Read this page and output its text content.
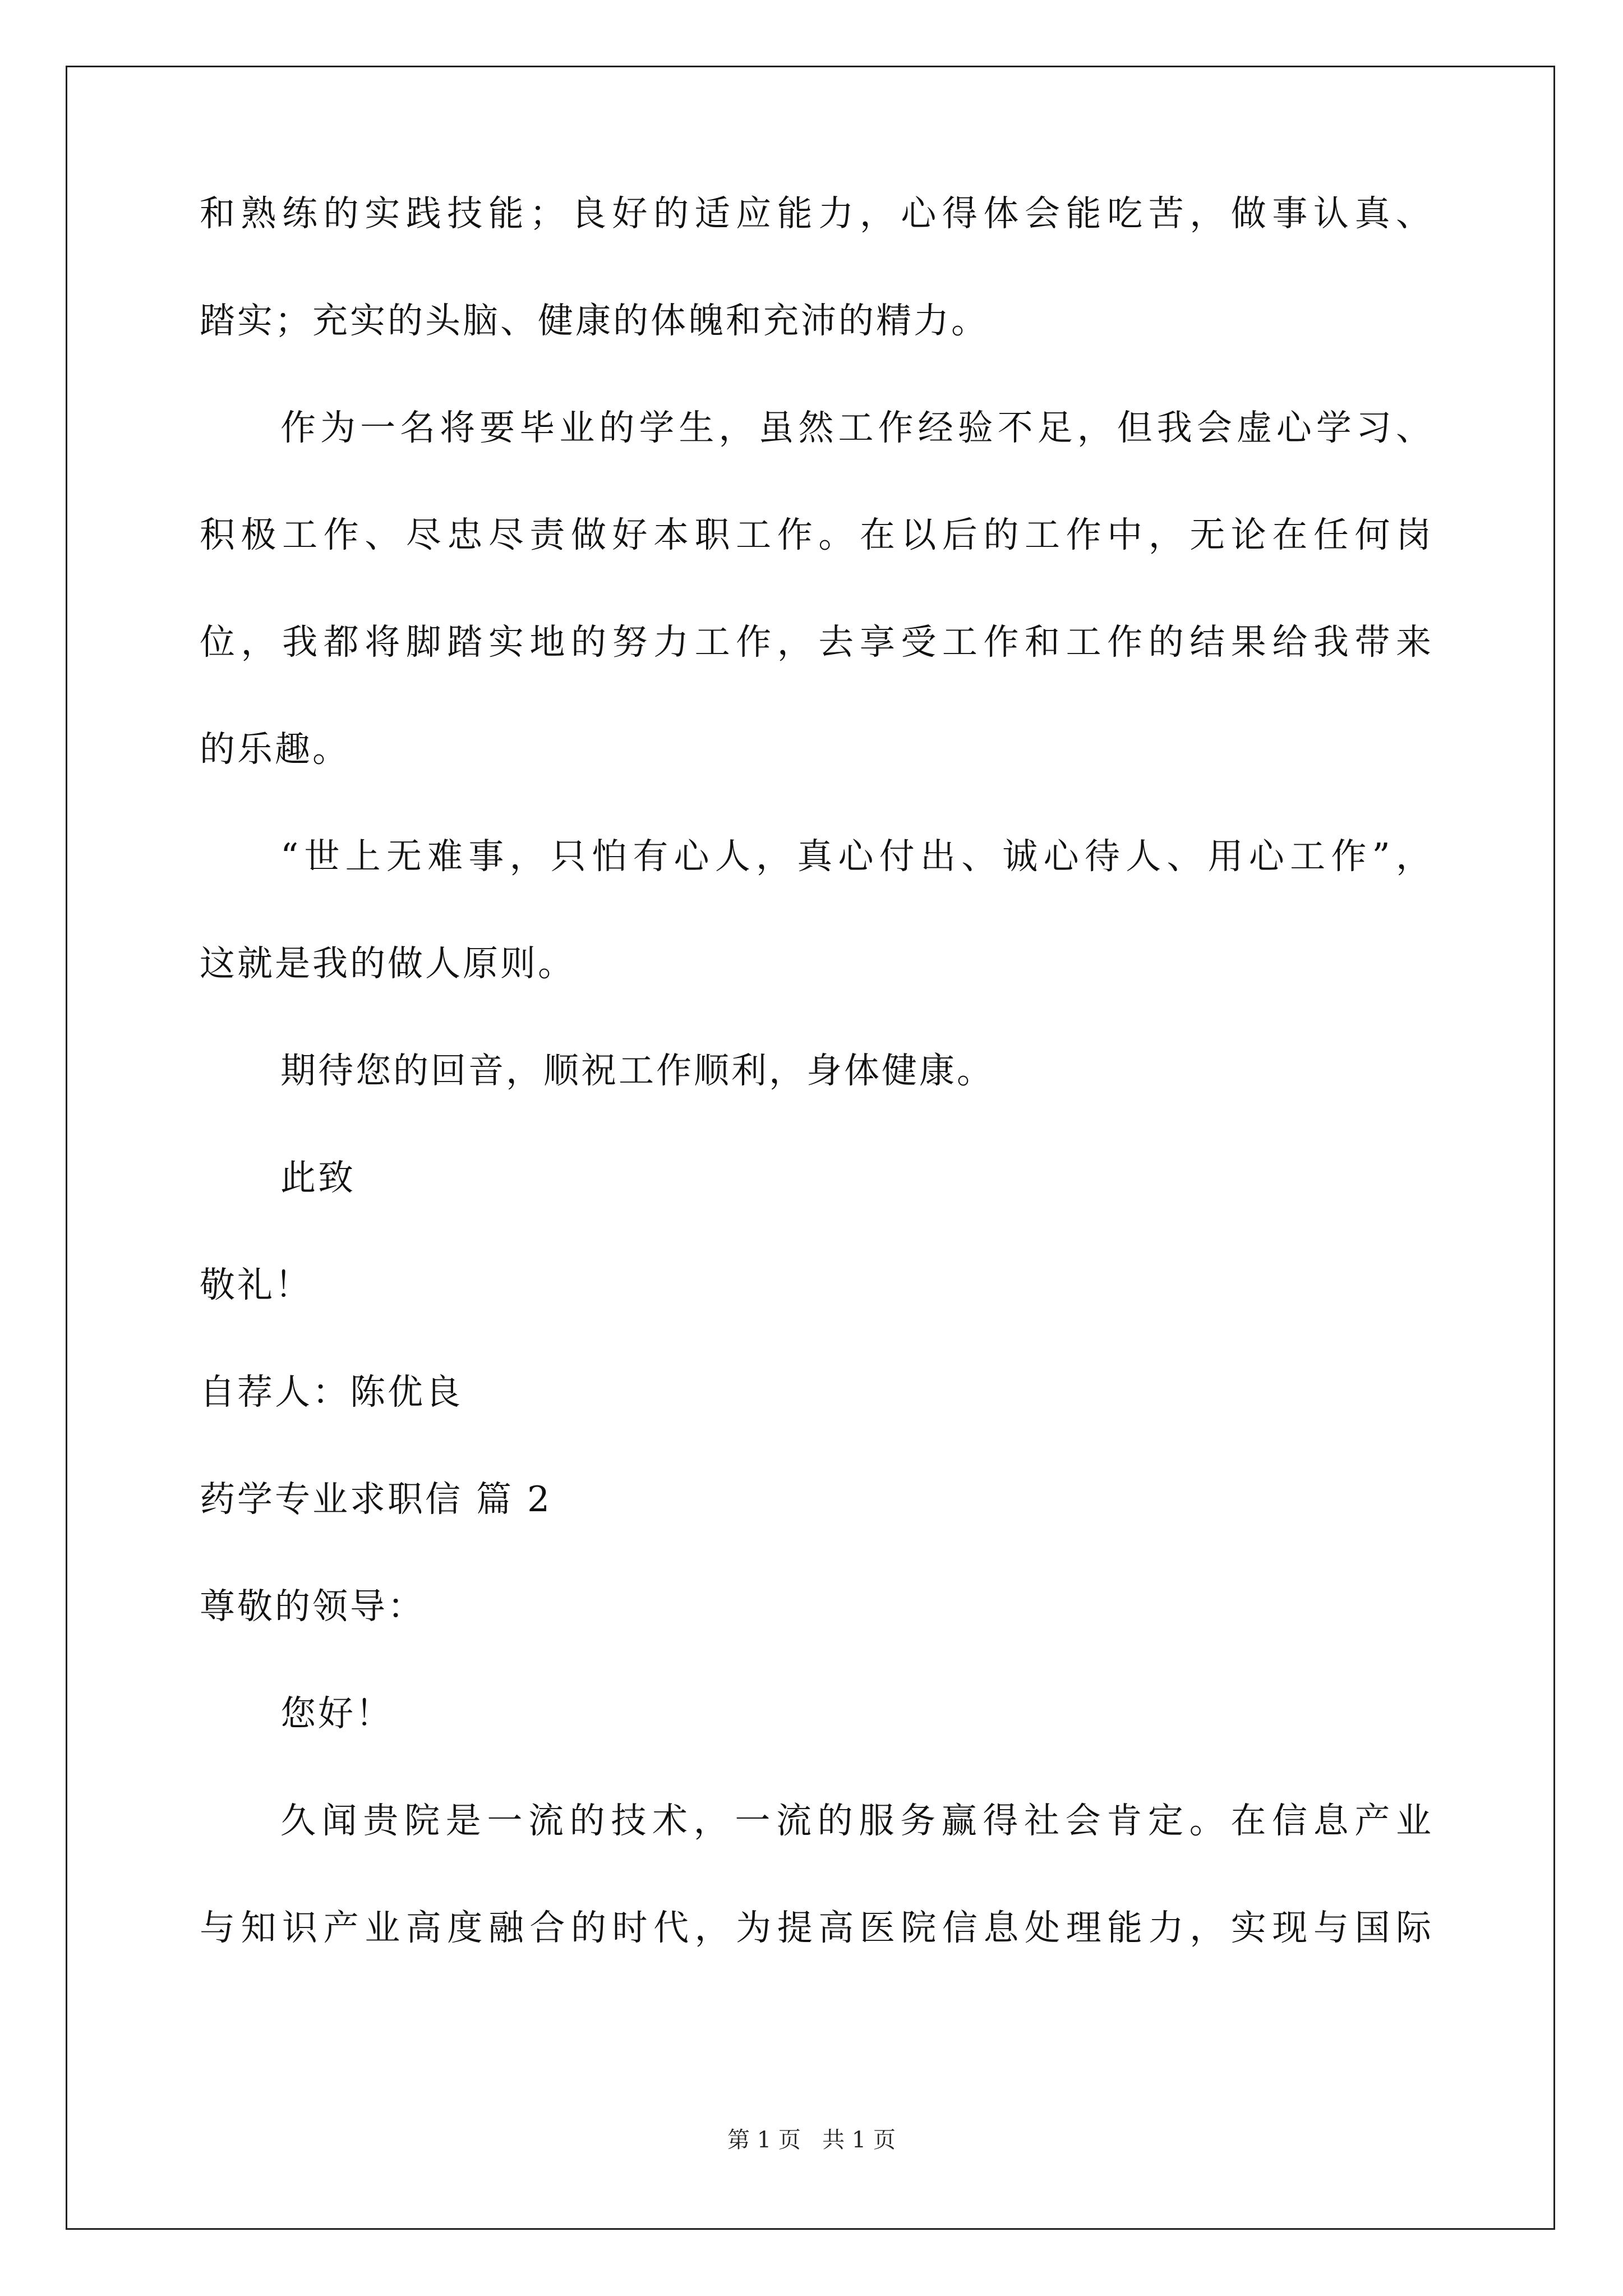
和熟练的实践技能；良好的适应能力，心得体会能吃苦，做事认真、
踏实；充实的头脑、健康的体魄和充沛的精力。
作为一名将要毕业的学生，虽然工作经验不足，但我会虚心学习、
积极工作、尽忠尽责做好本职工作。在以后的工作中，无论在任何岗
位，我都将脚踏实地的努力工作，去享受工作和工作的结果给我带来
的乐趣。
“世上无难事，只怕有心人，真心付出、诚心待人、用心工作”，
这就是我的做人原则。
期待您的回音，顺祝工作顺利，身体健康。
此致
敬礼！
自荐人：陈优良
药学专业求职信 篇 2
尊敬的领导：
您好！
久闻贵院是一流的技术，一流的服务赢得社会肯定。在信息产业
与知识产业高度融合的时代，为提高医院信息处理能力，实现与国际
第 1 页   共 1 页
